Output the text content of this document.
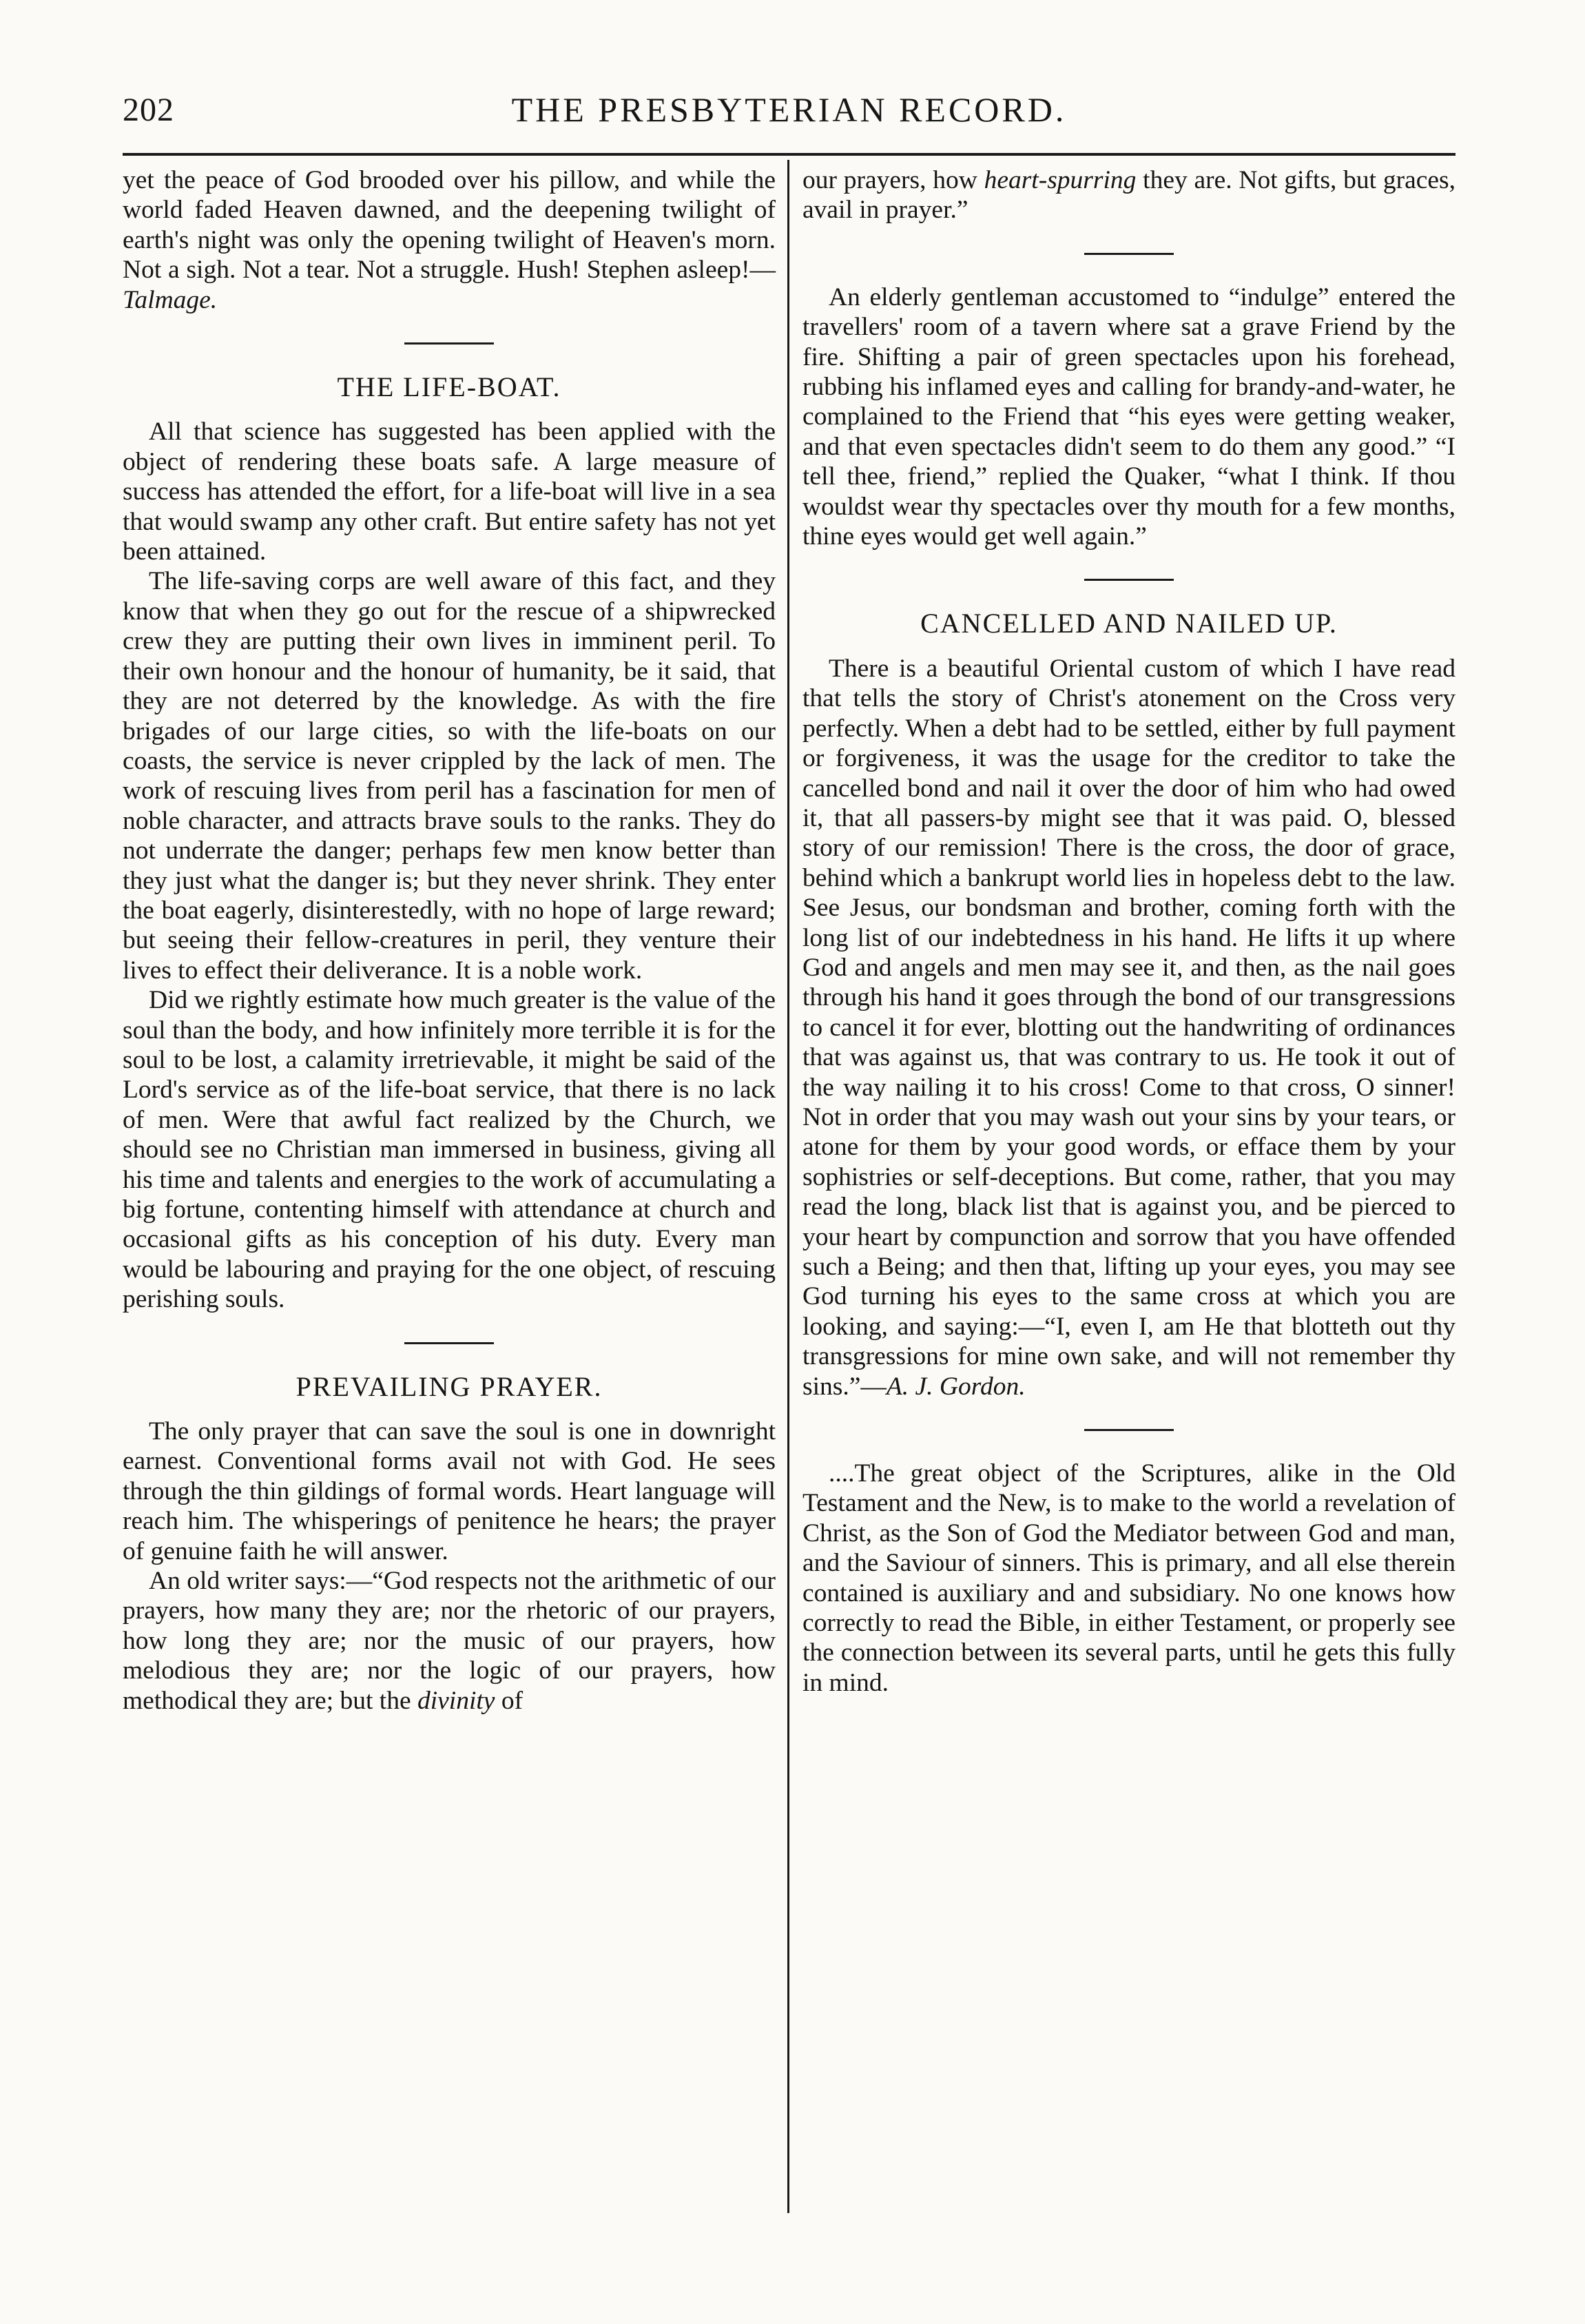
202	THE PRESBYTERIAN RECORD.

yet the peace of God brooded over his pillow, and while the world faded Heaven dawned, and the deepening twilight of earth's night was only the opening twilight of Heaven's morn. Not a sigh. Not a tear. Not a struggle. Hush! Stephen asleep!—Talmage.

THE LIFE-BOAT.

All that science has suggested has been applied with the object of rendering these boats safe. A large measure of success has attended the effort, for a life-boat will live in a sea that would swamp any other craft. But entire safety has not yet been attained.

The life-saving corps are well aware of this fact, and they know that when they go out for the rescue of a shipwrecked crew they are putting their own lives in imminent peril. To their own honour and the honour of humanity, be it said, that they are not deterred by the knowledge. As with the fire brigades of our large cities, so with the life-boats on our coasts, the service is never crippled by the lack of men. The work of rescuing lives from peril has a fascination for men of noble character, and attracts brave souls to the ranks. They do not underrate the danger; perhaps few men know better than they just what the danger is; but they never shrink. They enter the boat eagerly, disinterestedly, with no hope of large reward; but seeing their fellow-creatures in peril, they venture their lives to effect their deliverance. It is a noble work.

Did we rightly estimate how much greater is the value of the soul than the body, and how infinitely more terrible it is for the soul to be lost, a calamity irretrievable, it might be said of the Lord's service as of the life-boat service, that there is no lack of men. Were that awful fact realized by the Church, we should see no Christian man immersed in business, giving all his time and talents and energies to the work of accumulating a big fortune, contenting himself with attendance at church and occasional gifts as his conception of his duty. Every man would be labouring and praying for the one object, of rescuing perishing souls.

PREVAILING PRAYER.

The only prayer that can save the soul is one in downright earnest. Conventional forms avail not with God. He sees through the thin gildings of formal words. Heart language will reach him. The whisperings of penitence he hears; the prayer of genuine faith he will answer.

An old writer says:—“God respects not the arithmetic of our prayers, how many they are; nor the rhetoric of our prayers, how long they are; nor the music of our prayers, how melodious they are; nor the logic of our prayers, how methodical they are; but the divinity of

our prayers, how heart-spurring they are. Not gifts, but graces, avail in prayer.”

An elderly gentleman accustomed to “indulge” entered the travellers' room of a tavern where sat a grave Friend by the fire. Shifting a pair of green spectacles upon his forehead, rubbing his inflamed eyes and calling for brandy-and-water, he complained to the Friend that “his eyes were getting weaker, and that even spectacles didn't seem to do them any good.” “I tell thee, friend,” replied the Quaker, “what I think. If thou wouldst wear thy spectacles over thy mouth for a few months, thine eyes would get well again.”

CANCELLED AND NAILED UP.

There is a beautiful Oriental custom of which I have read that tells the story of Christ's atonement on the Cross very perfectly. When a debt had to be settled, either by full payment or forgiveness, it was the usage for the creditor to take the cancelled bond and nail it over the door of him who had owed it, that all passers-by might see that it was paid. O, blessed story of our remission! There is the cross, the door of grace, behind which a bankrupt world lies in hopeless debt to the law. See Jesus, our bondsman and brother, coming forth with the long list of our indebtedness in his hand. He lifts it up where God and angels and men may see it, and then, as the nail goes through his hand it goes through the bond of our transgressions to cancel it for ever, blotting out the handwriting of ordinances that was against us, that was contrary to us. He took it out of the way nailing it to his cross! Come to that cross, O sinner! Not in order that you may wash out your sins by your tears, or atone for them by your good words, or efface them by your sophistries or self-deceptions. But come, rather, that you may read the long, black list that is against you, and be pierced to your heart by compunction and sorrow that you have offended such a Being; and then that, lifting up your eyes, you may see God turning his eyes to the same cross at which you are looking, and saying:—“I, even I, am He that blotteth out thy transgressions for mine own sake, and will not remember thy sins.”—A. J. Gordon.

....The great object of the Scriptures, alike in the Old Testament and the New, is to make to the world a revelation of Christ, as the Son of God the Mediator between God and man, and the Saviour of sinners. This is primary, and all else therein contained is auxiliary and and subsidiary. No one knows how correctly to read the Bible, in either Testament, or properly see the connection between its several parts, until he gets this fully in mind.
